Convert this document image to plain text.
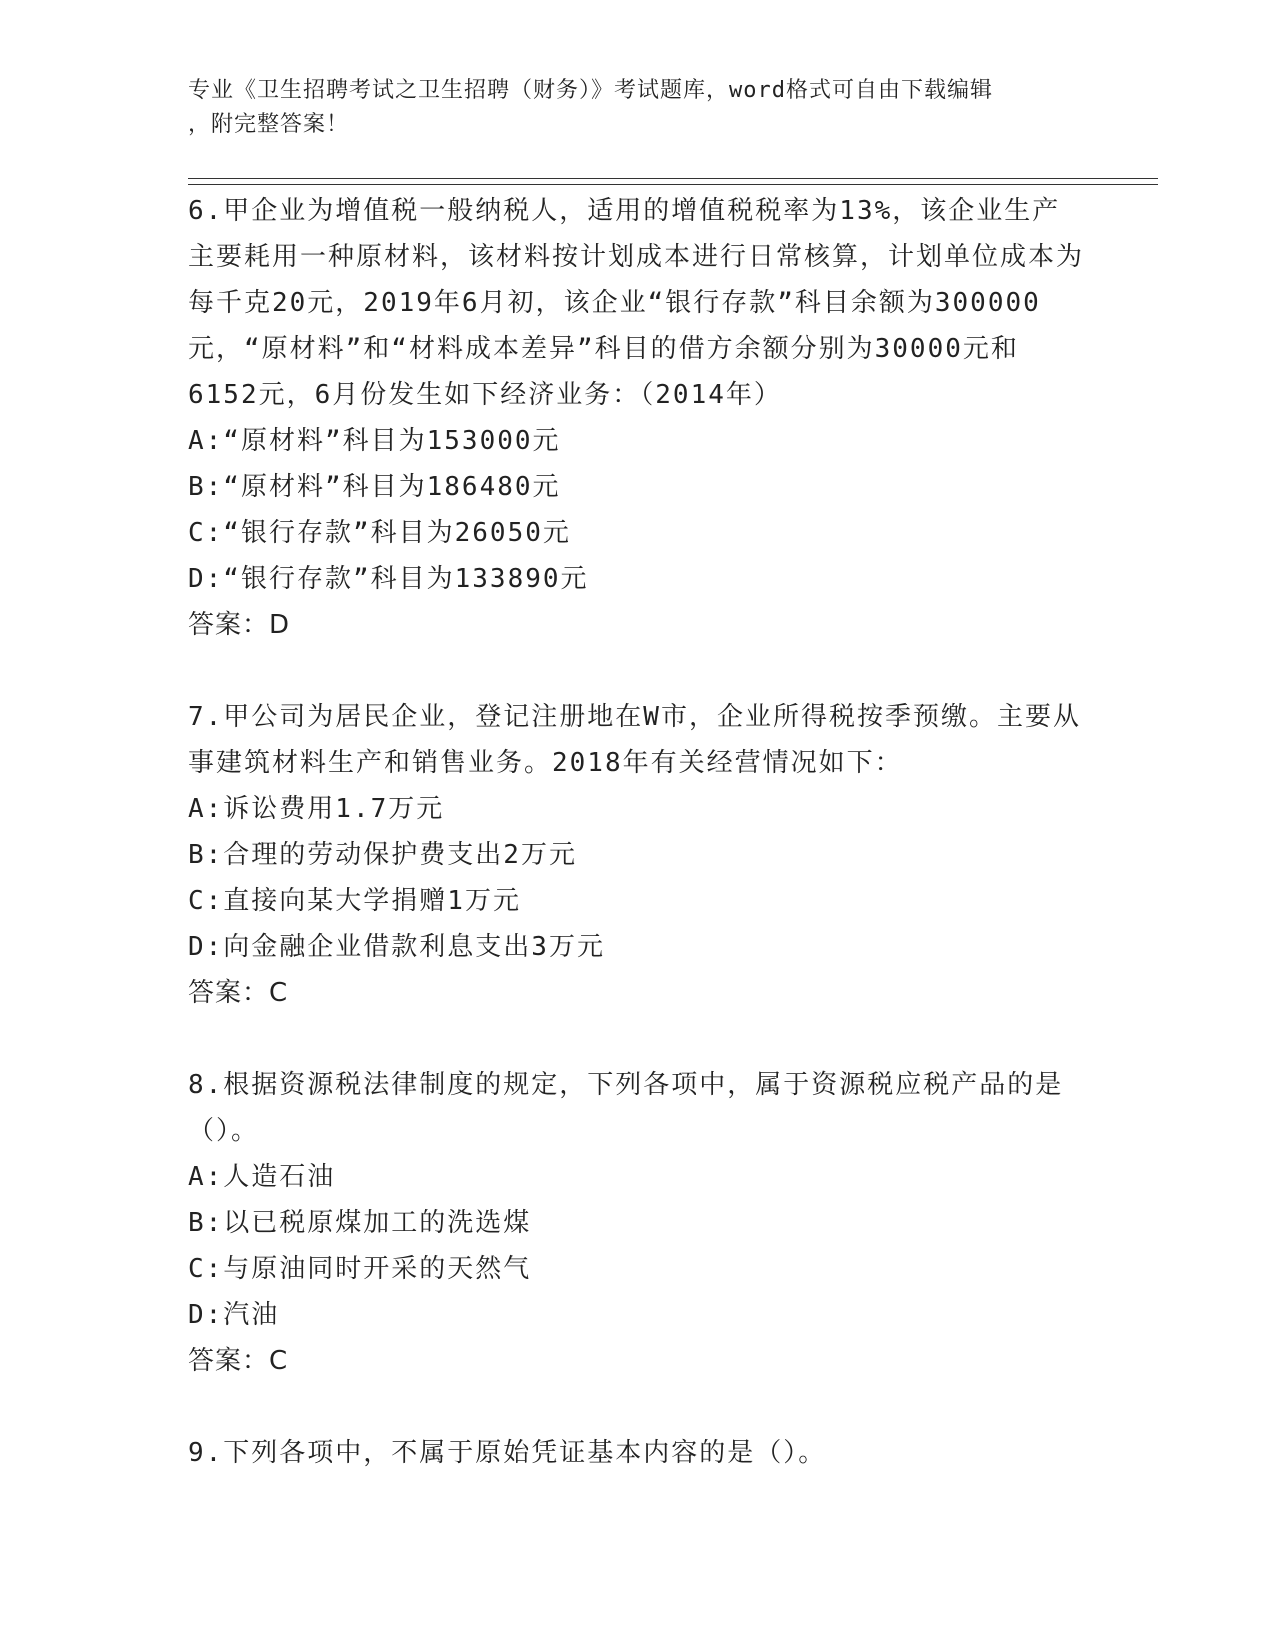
专业《卫生招聘考试之卫生招聘（财务）》考试题库，word格式可自由下载编辑
，附完整答案！

6.甲企业为增值税一般纳税人，适用的增值税税率为13%，该企业生产主要耗用一种原材料，该材料按计划成本进行日常核算，计划单位成本为每千克20元，2019年6月初，该企业“银行存款”科目余额为300000元，“原材料”和“材料成本差异”科目的借方余额分别为30000元和6152元，6月份发生如下经济业务：（2014年）

A:“原材料”科目为153000元

B:“原材料”科目为186480元

C:“银行存款”科目为26050元

D:“银行存款”科目为133890元

答案：D

7.甲公司为居民企业，登记注册地在W市，企业所得税按季预缴。主要从事建筑材料生产和销售业务。2018年有关经营情况如下：

A:诉讼费用1.7万元

B:合理的劳动保护费支出2万元

C:直接向某大学捐赠1万元

D:向金融企业借款利息支出3万元

答案：C

8.根据资源税法律制度的规定，下列各项中，属于资源税应税产品的是（）。

A:人造石油

B:以已税原煤加工的洗选煤

C:与原油同时开采的天然气

D:汽油

答案：C

9.下列各项中，不属于原始凭证基本内容的是（）。
